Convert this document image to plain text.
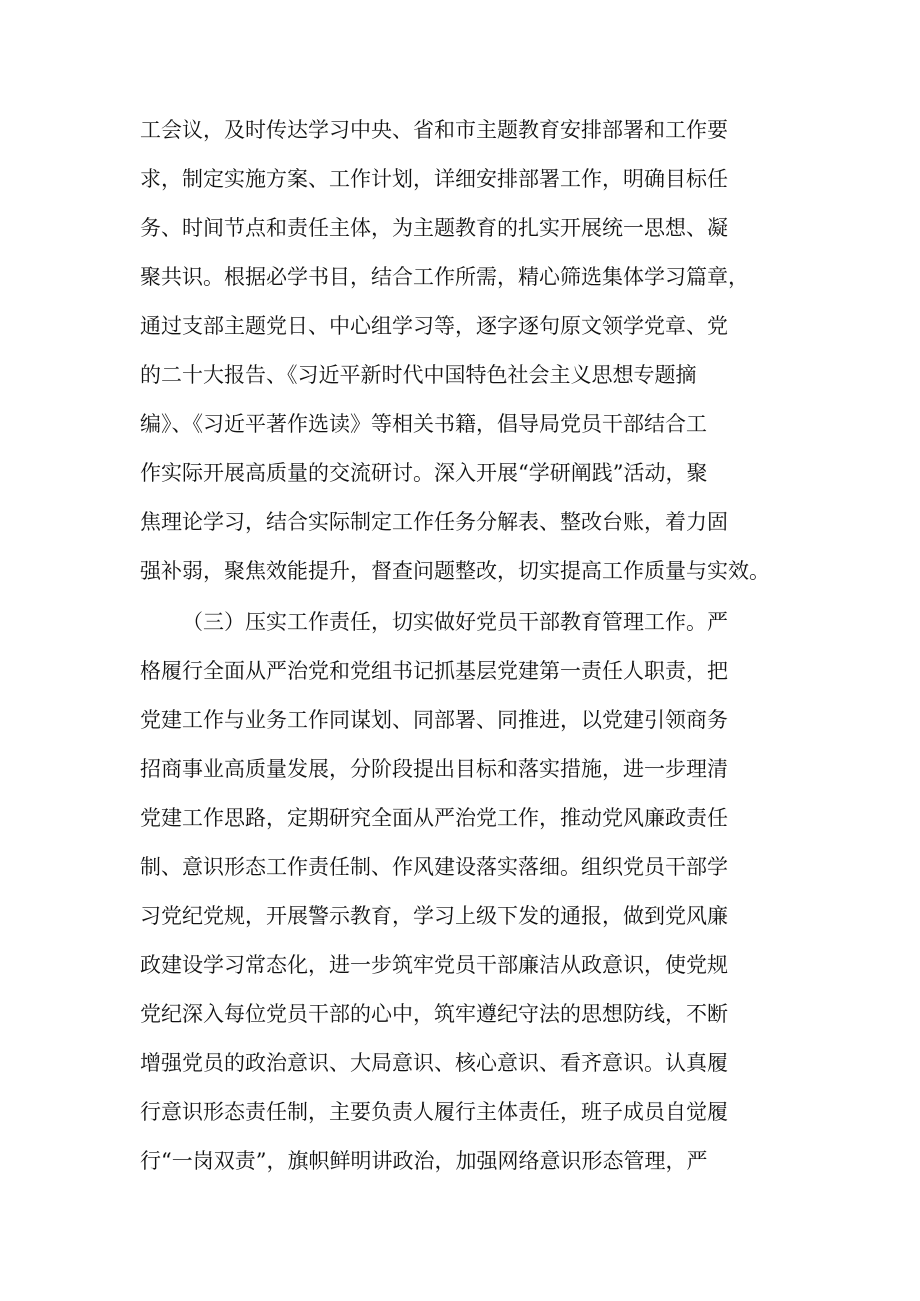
工会议，及时传达学习中央、省和市主题教育安排部署和工作要
求，制定实施方案、工作计划，详细安排部署工作，明确目标任
务、时间节点和责任主体，为主题教育的扎实开展统一思想、凝
聚共识。根据必学书目，结合工作所需，精心筛选集体学习篇章，
通过支部主题党日、中心组学习等，逐字逐句原文领学党章、党
的二十大报告、《习近平新时代中国特色社会主义思想专题摘
编》、《习近平著作选读》等相关书籍，倡导局党员干部结合工
作实际开展高质量的交流研讨。深入开展“学研阐践”活动，聚
焦理论学习，结合实际制定工作任务分解表、整改台账，着力固
强补弱，聚焦效能提升，督查问题整改，切实提高工作质量与实效。
（三）压实工作责任，切实做好党员干部教育管理工作。严
格履行全面从严治党和党组书记抓基层党建第一责任人职责，把
党建工作与业务工作同谋划、同部署、同推进，以党建引领商务
招商事业高质量发展，分阶段提出目标和落实措施，进一步理清
党建工作思路，定期研究全面从严治党工作，推动党风廉政责任
制、意识形态工作责任制、作风建设落实落细。组织党员干部学
习党纪党规，开展警示教育，学习上级下发的通报，做到党风廉
政建设学习常态化，进一步筑牢党员干部廉洁从政意识，使党规
党纪深入每位党员干部的心中，筑牢遵纪守法的思想防线，不断
增强党员的政治意识、大局意识、核心意识、看齐意识。认真履
行意识形态责任制，主要负责人履行主体责任，班子成员自觉履
行“一岗双责”，旗帜鲜明讲政治，加强网络意识形态管理，严
